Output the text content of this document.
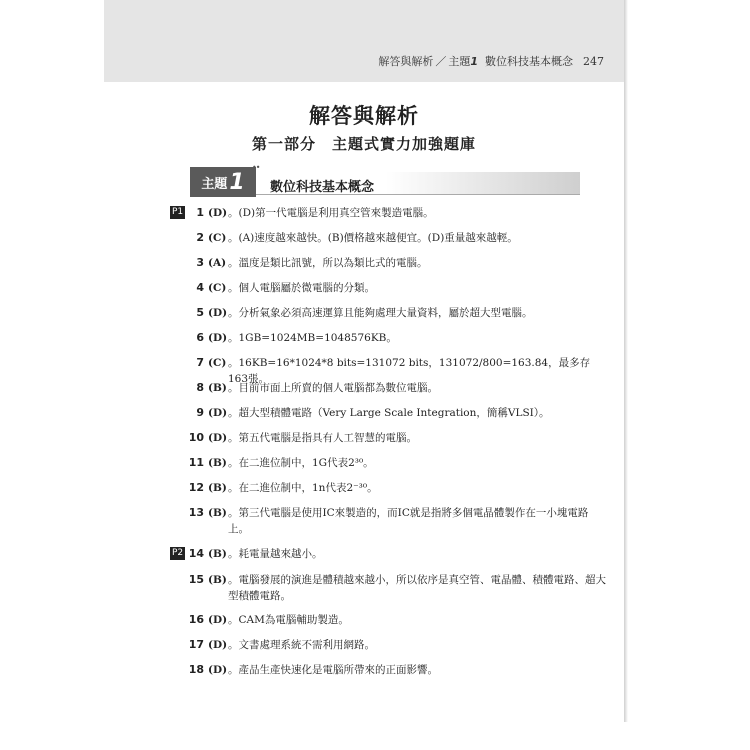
解答與解析 ／ 主題1 數位科技基本概念 247
解答與解析
第一部分　主題式實力加強題庫
主題 1
••
數位科技基本概念
P1	1 (D) 。(D)第一代電腦是利用真空管來製造電腦。
2 (C) 。(A)速度越來越快。(B)價格越來越便宜。(D)重量越來越輕。
3 (A) 。溫度是類比訊號，所以為類比式的電腦。
4 (C) 。個人電腦屬於微電腦的分類。
5 (D) 。分析氣象必須高速運算且能夠處理大量資料，屬於超大型電腦。
6 (D) 。1GB=1024MB=1048576KB。
7 (C) 。16KB=16*1024*8 bits=131072 bits，131072/800=163.84，最多存163張。
8 (B) 。目前市面上所賣的個人電腦都為數位電腦。
9 (D) 。超大型積體電路（Very Large Scale Integration，簡稱VLSI）。
10 (D) 。第五代電腦是指具有人工智慧的電腦。
11 (B) 。在二進位制中，1G代表2³⁰。
12 (B) 。在二進位制中，1n代表2⁻³⁰。
13 (B) 。第三代電腦是使用IC來製造的，而IC就是指將多個電晶體製作在一小塊電路上。
P2 14 (B) 。耗電量越來越小。
15 (B) 。電腦發展的演進是體積越來越小，所以依序是真空管、電晶體、積體電路、超大型積體電路。
16 (D) 。CAM為電腦輔助製造。
17 (D) 。文書處理系統不需利用網路。
18 (D) 。產品生產快速化是電腦所帶來的正面影響。
